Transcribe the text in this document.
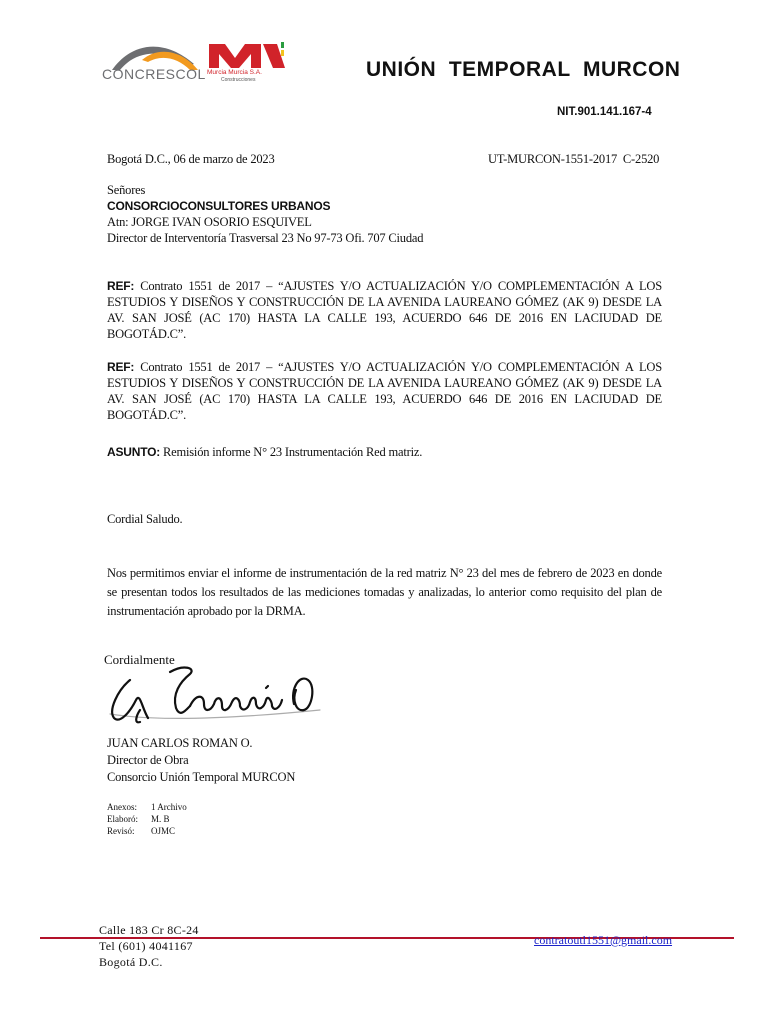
CONCRESCOL Murcia Murcia S.A.
Construcciones	UNIÓN  TEMPORAL  MURCON
NIT.901.141.167-4
Bogotá D.C., 06 de marzo de 2023	UT-MURCON-1551-2017  C-2520
Señores
CONSORCIOCONSULTORES URBANOS
Atn: JORGE IVAN OSORIO ESQUIVEL
Director de Interventoría Trasversal 23 No 97-73 Ofi. 707 Ciudad
REF: Contrato 1551 de 2017 – “AJUSTES Y/O ACTUALIZACIÓN Y/O COMPLEMENTACIÓN A LOS ESTUDIOS Y DISEÑOS Y CONSTRUCCIÓN DE LA AVENIDA LAUREANO GÓMEZ (AK 9) DESDE LA AV. SAN JOSÉ (AC 170) HASTA LA CALLE 193, ACUERDO 646 DE 2016 EN LACIUDAD DE BOGOTÁD.C”.
REF: Contrato 1551 de 2017 – “AJUSTES Y/O ACTUALIZACIÓN Y/O COMPLEMENTACIÓN A LOS ESTUDIOS Y DISEÑOS Y CONSTRUCCIÓN DE LA AVENIDA LAUREANO GÓMEZ (AK 9) DESDE LA AV. SAN JOSÉ (AC 170) HASTA LA CALLE 193, ACUERDO 646 DE 2016 EN LACIUDAD DE BOGOTÁD.C”.
ASUNTO: Remisión informe N° 23 Instrumentación Red matriz.
Cordial Saludo.
Nos permitimos enviar el informe de instrumentación de la red matriz N° 23 del mes de febrero de 2023 en donde se presentan todos los resultados de las mediciones tomadas y analizadas, lo anterior como requisito del plan de instrumentación aprobado por la DRMA.
Cordialmente
JUAN CARLOS ROMAN O.
Director de Obra
Consorcio Unión Temporal MURCON
Anexos: 1 Archivo
Elaboró: M. B
Revisó: OJMC
Calle 183 Cr 8C-24
Tel (601) 4041167
Bogotá D.C.
contratoutl1551@gmail.com
